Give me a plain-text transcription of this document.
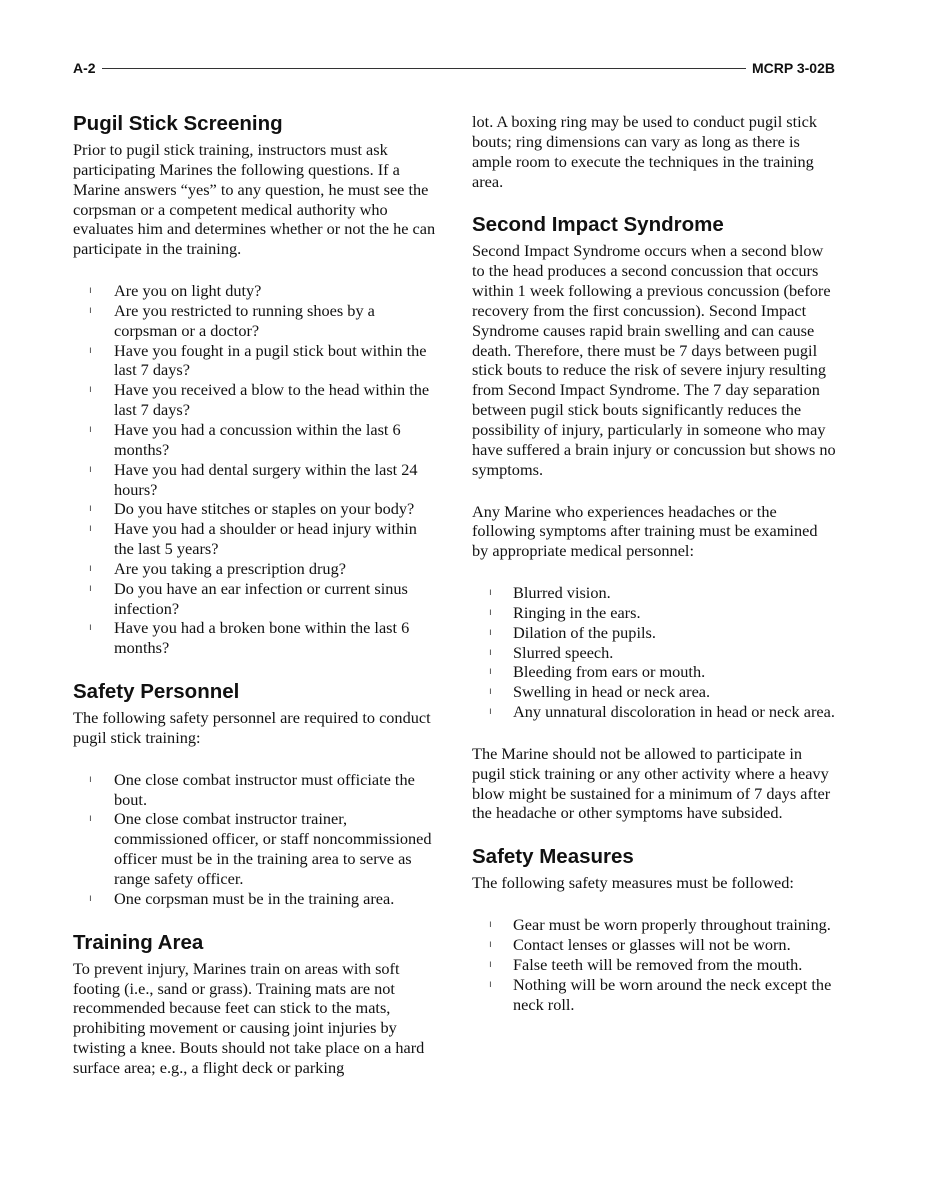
A-2	MCRP 3-02B
Pugil Stick Screening

Prior to pugil stick training, instructors must ask participating Marines the following questions. If a Marine answers “yes” to any question, he must see the corpsman or a competent medical authority who evaluates him and determines whether or not the he can participate in the training.

ı Are you on light duty?
ı Are you restricted to running shoes by a corpsman or a doctor?
ı Have you fought in a pugil stick bout within the last 7 days?
ı Have you received a blow to the head within the last 7 days?
ı Have you had a concussion within the last 6 months?
ı Have you had dental surgery within the last 24 hours?
ı Do you have stitches or staples on your body?
ı Have you had a shoulder or head injury within the last 5 years?
ı Are you taking a prescription drug?
ı Do you have an ear infection or current sinus infection?
ı Have you had a broken bone within the last 6 months?
Safety Personnel

The following safety personnel are required to conduct pugil stick training:

ı One close combat instructor must officiate the bout.
ı One close combat instructor trainer, commissioned officer, or staff noncommissioned officer must be in the training area to serve as range safety officer.
ı One corpsman must be in the training area.
Training Area

To prevent injury, Marines train on areas with soft footing (i.e., sand or grass). Training mats are not recommended because feet can stick to the mats, prohibiting movement or causing joint injuries by twisting a knee. Bouts should not take place on a hard surface area; e.g., a flight deck or parking

lot. A boxing ring may be used to conduct pugil stick bouts; ring dimensions can vary as long as there is ample room to execute the techniques in the training area.

Second Impact Syndrome

Second Impact Syndrome occurs when a second blow to the head produces a second concussion that occurs within 1 week following a previous concussion (before recovery from the first concussion). Second Impact Syndrome causes rapid brain swelling and can cause death. Therefore, there must be 7 days between pugil stick bouts to reduce the risk of severe injury resulting from Second Impact Syndrome. The 7 day separation between pugil stick bouts significantly reduces the possibility of injury, particularly in someone who may have suffered a brain injury or concussion but shows no symptoms.

Any Marine who experiences headaches or the following symptoms after training must be examined by appropriate medical personnel:

ı Blurred vision.
ı Ringing in the ears.
ı Dilation of the pupils.
ı Slurred speech.
ı Bleeding from ears or mouth.
ı Swelling in head or neck area.
ı Any unnatural discoloration in head or neck area.

The Marine should not be allowed to participate in pugil stick training or any other activity where a heavy blow might be sustained for a minimum of 7 days after the headache or other symptoms have subsided.

Safety Measures

The following safety measures must be followed:

ı Gear must be worn properly throughout training.
ı Contact lenses or glasses will not be worn.
ı False teeth will be removed from the mouth.
ı Nothing will be worn around the neck except the neck roll.
